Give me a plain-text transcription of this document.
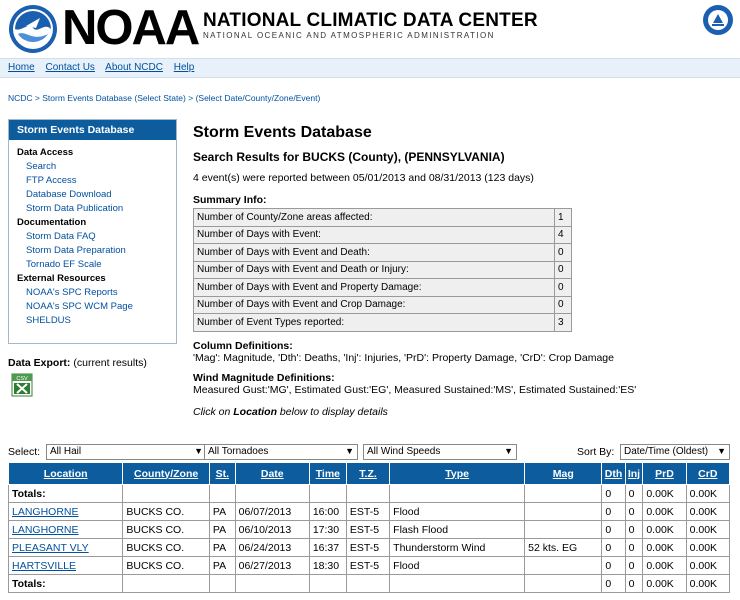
NOAA NATIONAL CLIMATIC DATA CENTER
NATIONAL OCEANIC AND ATMOSPHERIC ADMINISTRATION
Home Contact Us About NCDC Help
NCDC > Storm Events Database (Select State) > (Select Date/County/Zone/Event)
Storm Events Database
Data Access
Search
FTP Access
Database Download
Storm Data Publication
Documentation
Storm Data FAQ
Storm Data Preparation
Tornado EF Scale
External Resources
NOAA's SPC Reports
NOAA's SPC WCM Page
SHELDUS
Data Export: (current results)
CSV
Storm Events Database
Search Results for BUCKS (County), (PENNSYLVANIA)
4 event(s) were reported between 05/01/2013 and 08/31/2013 (123 days)
Summary Info:
Number of County/Zone areas affected:	1
Number of Days with Event:	4
Number of Days with Event and Death:	0
Number of Days with Event and Death or Injury:	0
Number of Days with Event and Property Damage:	0
Number of Days with Event and Crop Damage:	0
Number of Event Types reported:	3
Column Definitions:
'Mag': Magnitude, 'Dth': Deaths, 'Inj': Injuries, 'PrD': Property Damage, 'CrD': Crop Damage
Wind Magnitude Definitions:
Measured Gust:'MG', Estimated Gust:'EG', Measured Sustained:'MS', Estimated Sustained:'ES'
Click on Location below to display details
Select: All Hail	▼ All Tornadoes	▼	All Wind Speeds	▼	Sort By: Date/Time (Oldest) ▼
Location	County/Zone	St.	Date	Time	T.Z.	Type	Mag	Dth	Inj	PrD	CrD
Totals:								0	0	0.00K	0.00K
LANGHORNE	BUCKS CO.	PA	06/07/2013	16:00	EST-5	Flood		0	0	0.00K	0.00K
LANGHORNE	BUCKS CO.	PA	06/10/2013	17:30	EST-5	Flash Flood		0	0	0.00K	0.00K
PLEASANT VLY	BUCKS CO.	PA	06/24/2013	16:37	EST-5	Thunderstorm Wind	52 kts. EG	0	0	0.00K	0.00K
HARTSVILLE	BUCKS CO.	PA	06/27/2013	18:30	EST-5	Flood		0	0	0.00K	0.00K
Totals:								0	0	0.00K	0.00K
